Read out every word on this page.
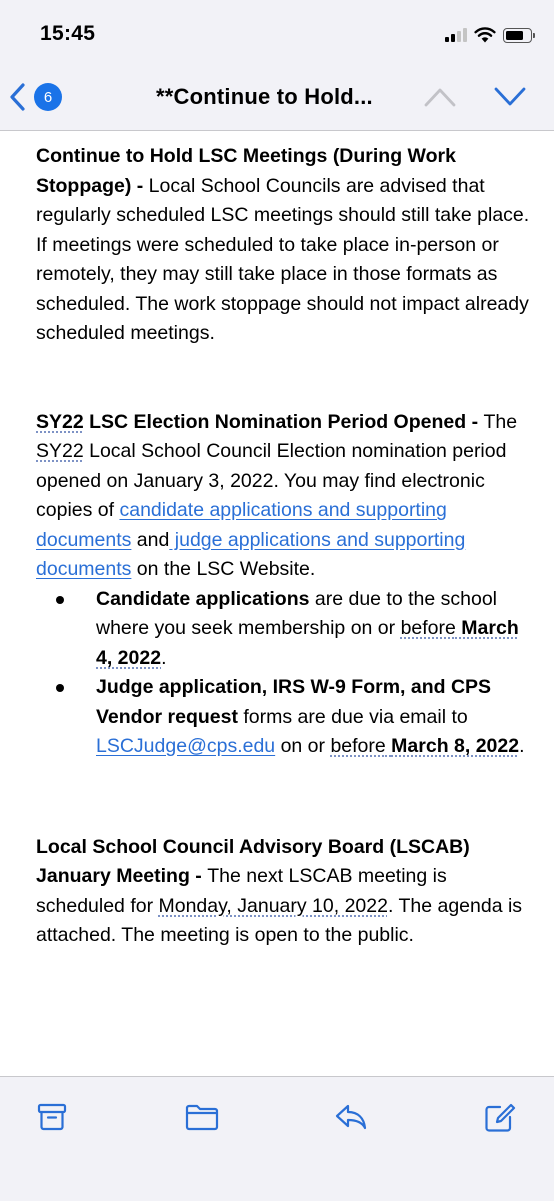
15:45
6	**Continue to Hold...

Continue to Hold LSC Meetings (During Work Stoppage) - Local School Councils are advised that regularly scheduled LSC meetings should still take place. If meetings were scheduled to take place in-person or remotely, they may still take place in those formats as scheduled. The work stoppage should not impact already scheduled meetings.

SY22 LSC Election Nomination Period Opened - The SY22 Local School Council Election nomination period opened on January 3, 2022. You may find electronic copies of candidate applications and supporting documents and judge applications and supporting documents on the LSC Website.

Candidate applications are due to the school where you seek membership on or before March 4, 2022.
Judge application, IRS W-9 Form, and CPS Vendor request forms are due via email to LSCJudge@cps.edu on or before March 8, 2022.

Local School Council Advisory Board (LSCAB) January Meeting - The next LSCAB meeting is scheduled for Monday, January 10, 2022. The agenda is attached. The meeting is open to the public.
